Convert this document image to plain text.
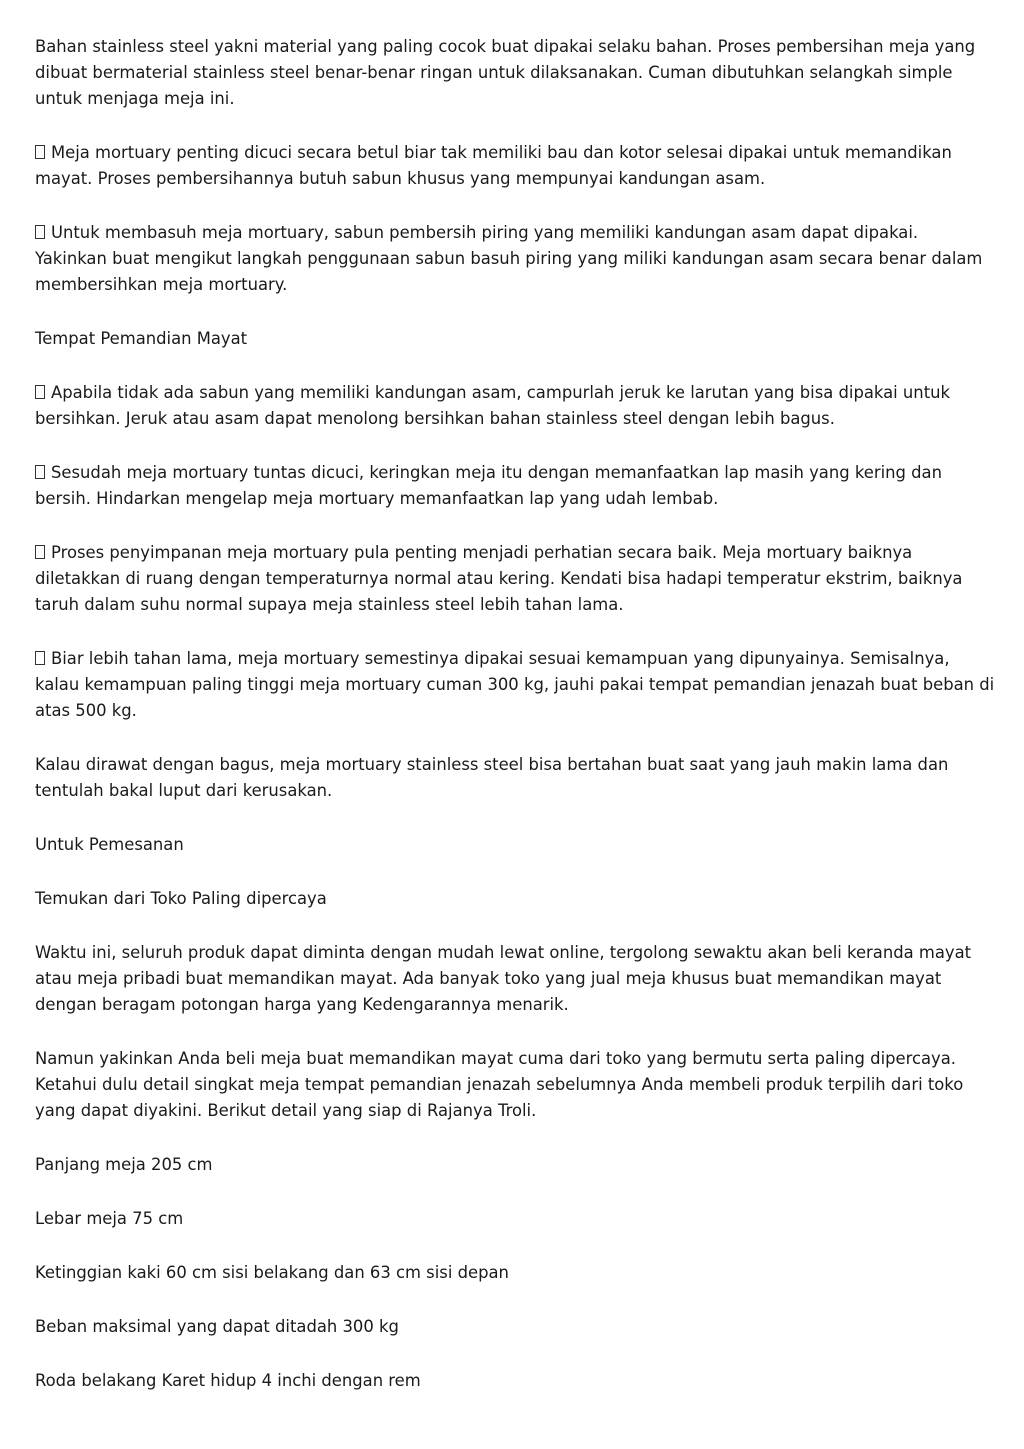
Bahan stainless steel yakni material yang paling cocok buat dipakai selaku bahan. Proses pembersihan meja yang dibuat bermaterial stainless steel benar-benar ringan untuk dilaksanakan. Cuman dibutuhkan selangkah simple untuk menjaga meja ini.

Meja mortuary penting dicuci secara betul biar tak memiliki bau dan kotor selesai dipakai untuk memandikan mayat. Proses pembersihannya butuh sabun khusus yang mempunyai kandungan asam.

Untuk membasuh meja mortuary, sabun pembersih piring yang memiliki kandungan asam dapat dipakai. Yakinkan buat mengikut langkah penggunaan sabun basuh piring yang miliki kandungan asam secara benar dalam membersihkan meja mortuary.

Tempat Pemandian Mayat

Apabila tidak ada sabun yang memiliki kandungan asam, campurlah jeruk ke larutan yang bisa dipakai untuk bersihkan. Jeruk atau asam dapat menolong bersihkan bahan stainless steel dengan lebih bagus.

Sesudah meja mortuary tuntas dicuci, keringkan meja itu dengan memanfaatkan lap masih yang kering dan bersih. Hindarkan mengelap meja mortuary memanfaatkan lap yang udah lembab.

Proses penyimpanan meja mortuary pula penting menjadi perhatian secara baik. Meja mortuary baiknya diletakkan di ruang dengan temperaturnya normal atau kering. Kendati bisa hadapi temperatur ekstrim, baiknya taruh dalam suhu normal supaya meja stainless steel lebih tahan lama.

Biar lebih tahan lama, meja mortuary semestinya dipakai sesuai kemampuan yang dipunyainya. Semisalnya, kalau kemampuan paling tinggi meja mortuary cuman 300 kg, jauhi pakai tempat pemandian jenazah buat beban di atas 500 kg.

Kalau dirawat dengan bagus, meja mortuary stainless steel bisa bertahan buat saat yang jauh makin lama dan tentulah bakal luput dari kerusakan.

Untuk Pemesanan

Temukan dari Toko Paling dipercaya

Waktu ini, seluruh produk dapat diminta dengan mudah lewat online, tergolong sewaktu akan beli keranda mayat atau meja pribadi buat memandikan mayat. Ada banyak toko yang jual meja khusus buat memandikan mayat dengan beragam potongan harga yang Kedengarannya menarik.

Namun yakinkan Anda beli meja buat memandikan mayat cuma dari toko yang bermutu serta paling dipercaya. Ketahui dulu detail singkat meja tempat pemandian jenazah sebelumnya Anda membeli produk terpilih dari toko yang dapat diyakini. Berikut detail yang siap di Rajanya Troli.

Panjang meja 205 cm

Lebar meja 75 cm

Ketinggian kaki 60 cm sisi belakang dan 63 cm sisi depan

Beban maksimal yang dapat ditadah 300 kg

Roda belakang Karet hidup 4 inchi dengan rem
